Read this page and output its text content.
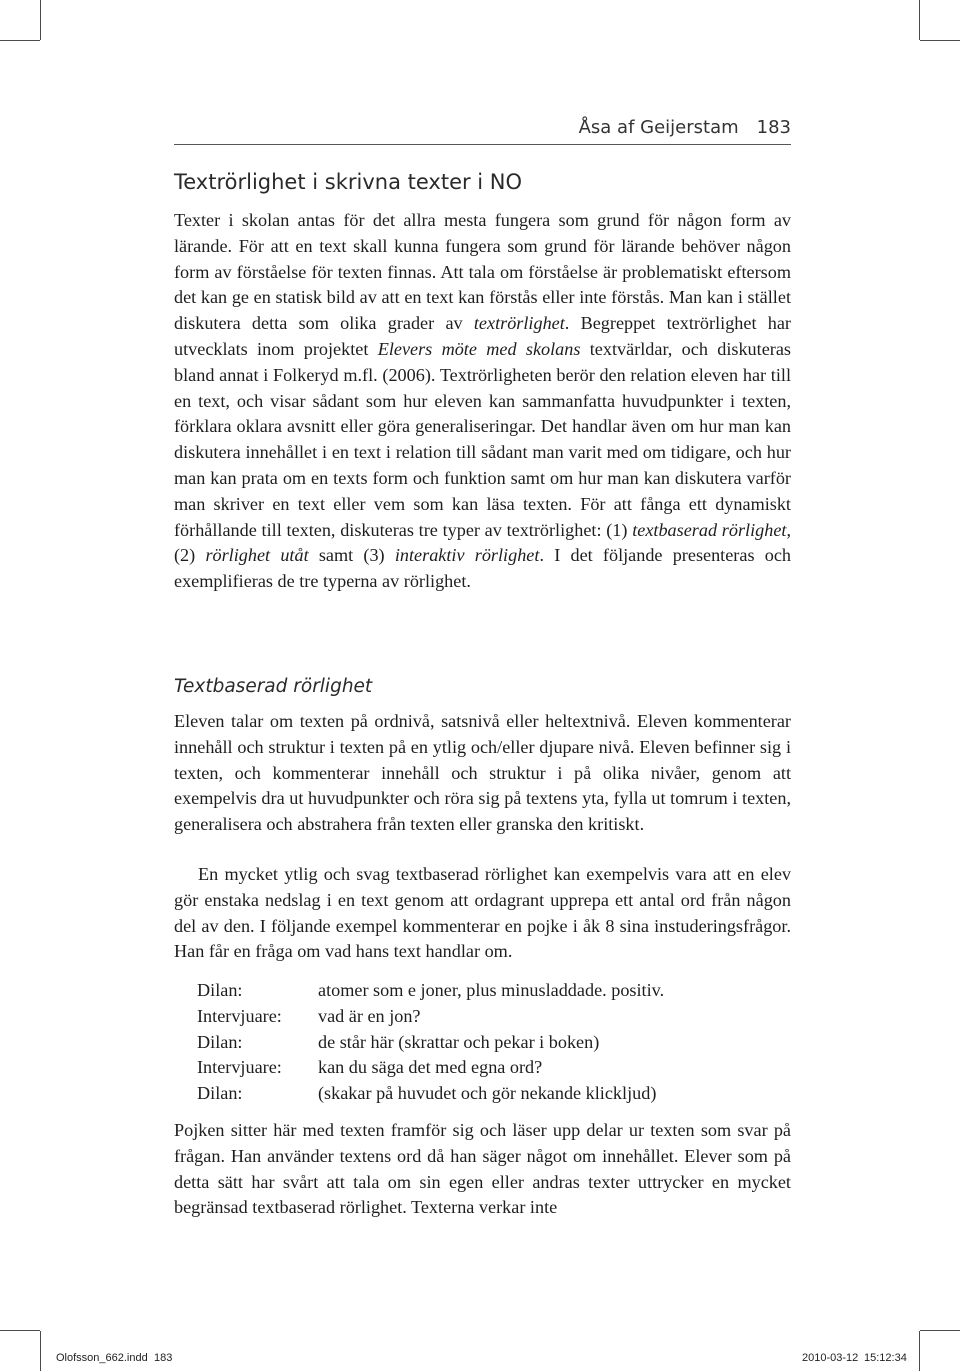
Åsa af Geijerstam 183
Textrörlighet i skrivna texter i NO

Texter i skolan antas för det allra mesta fungera som grund för någon form av lärande. För att en text skall kunna fungera som grund för lärande behöver någon form av förståelse för texten finnas. Att tala om förståelse är problematiskt eftersom det kan ge en statisk bild av att en text kan förstås eller inte förstås. Man kan i stället diskutera detta som olika grader av textrörlighet. Begreppet textrörlighet har utvecklats inom projektet Elevers möte med skolans textvärldar, och diskuteras bland annat i Folkeryd m.fl. (2006). Textrörligheten berör den relation eleven har till en text, och visar sådant som hur eleven kan sammanfatta huvudpunkter i texten, förklara oklara avsnitt eller göra generaliseringar. Det handlar även om hur man kan diskutera innehållet i en text i relation till sådant man varit med om tidigare, och hur man kan prata om en texts form och funktion samt om hur man kan diskutera varför man skriver en text eller vem som kan läsa texten. För att fånga ett dynamiskt förhållande till texten, diskuteras tre typer av textrörlighet: (1) textbaserad rörlighet, (2) rörlighet utåt samt (3) interaktiv rörlighet. I det följande presenteras och exemplifieras de tre typerna av rörlighet.

Textbaserad rörlighet

Eleven talar om texten på ordnivå, satsnivå eller heltextnivå. Eleven kommenterar innehåll och struktur i texten på en ytlig och/eller djupare nivå. Eleven befinner sig i texten, och kommenterar innehåll och struktur i på olika nivåer, genom att exempelvis dra ut huvudpunkter och röra sig på textens yta, fylla ut tomrum i texten, generalisera och abstrahera från texten eller granska den kritiskt.

En mycket ytlig och svag textbaserad rörlighet kan exempelvis vara att en elev gör enstaka nedslag i en text genom att ordagrant upprepa ett antal ord från någon del av den. I följande exempel kommenterar en pojke i åk 8 sina instuderingsfrågor. Han får en fråga om vad hans text handlar om.

Dilan:	atomer som e joner, plus minusladdade. positiv.
Intervjuare: vad är en jon?
Dilan:	de står här (skrattar och pekar i boken)
Intervjuare: kan du säga det med egna ord?
Dilan:	(skakar på huvudet och gör nekande klickljud)

Pojken sitter här med texten framför sig och läser upp delar ur texten som svar på frågan. Han använder textens ord då han säger något om innehållet. Elever som på detta sätt har svårt att tala om sin egen eller andras texter uttrycker en mycket begränsad textbaserad rörlighet. Texterna verkar inte

Olofsson_662.indd 183	2010-03-12 15:12:34
